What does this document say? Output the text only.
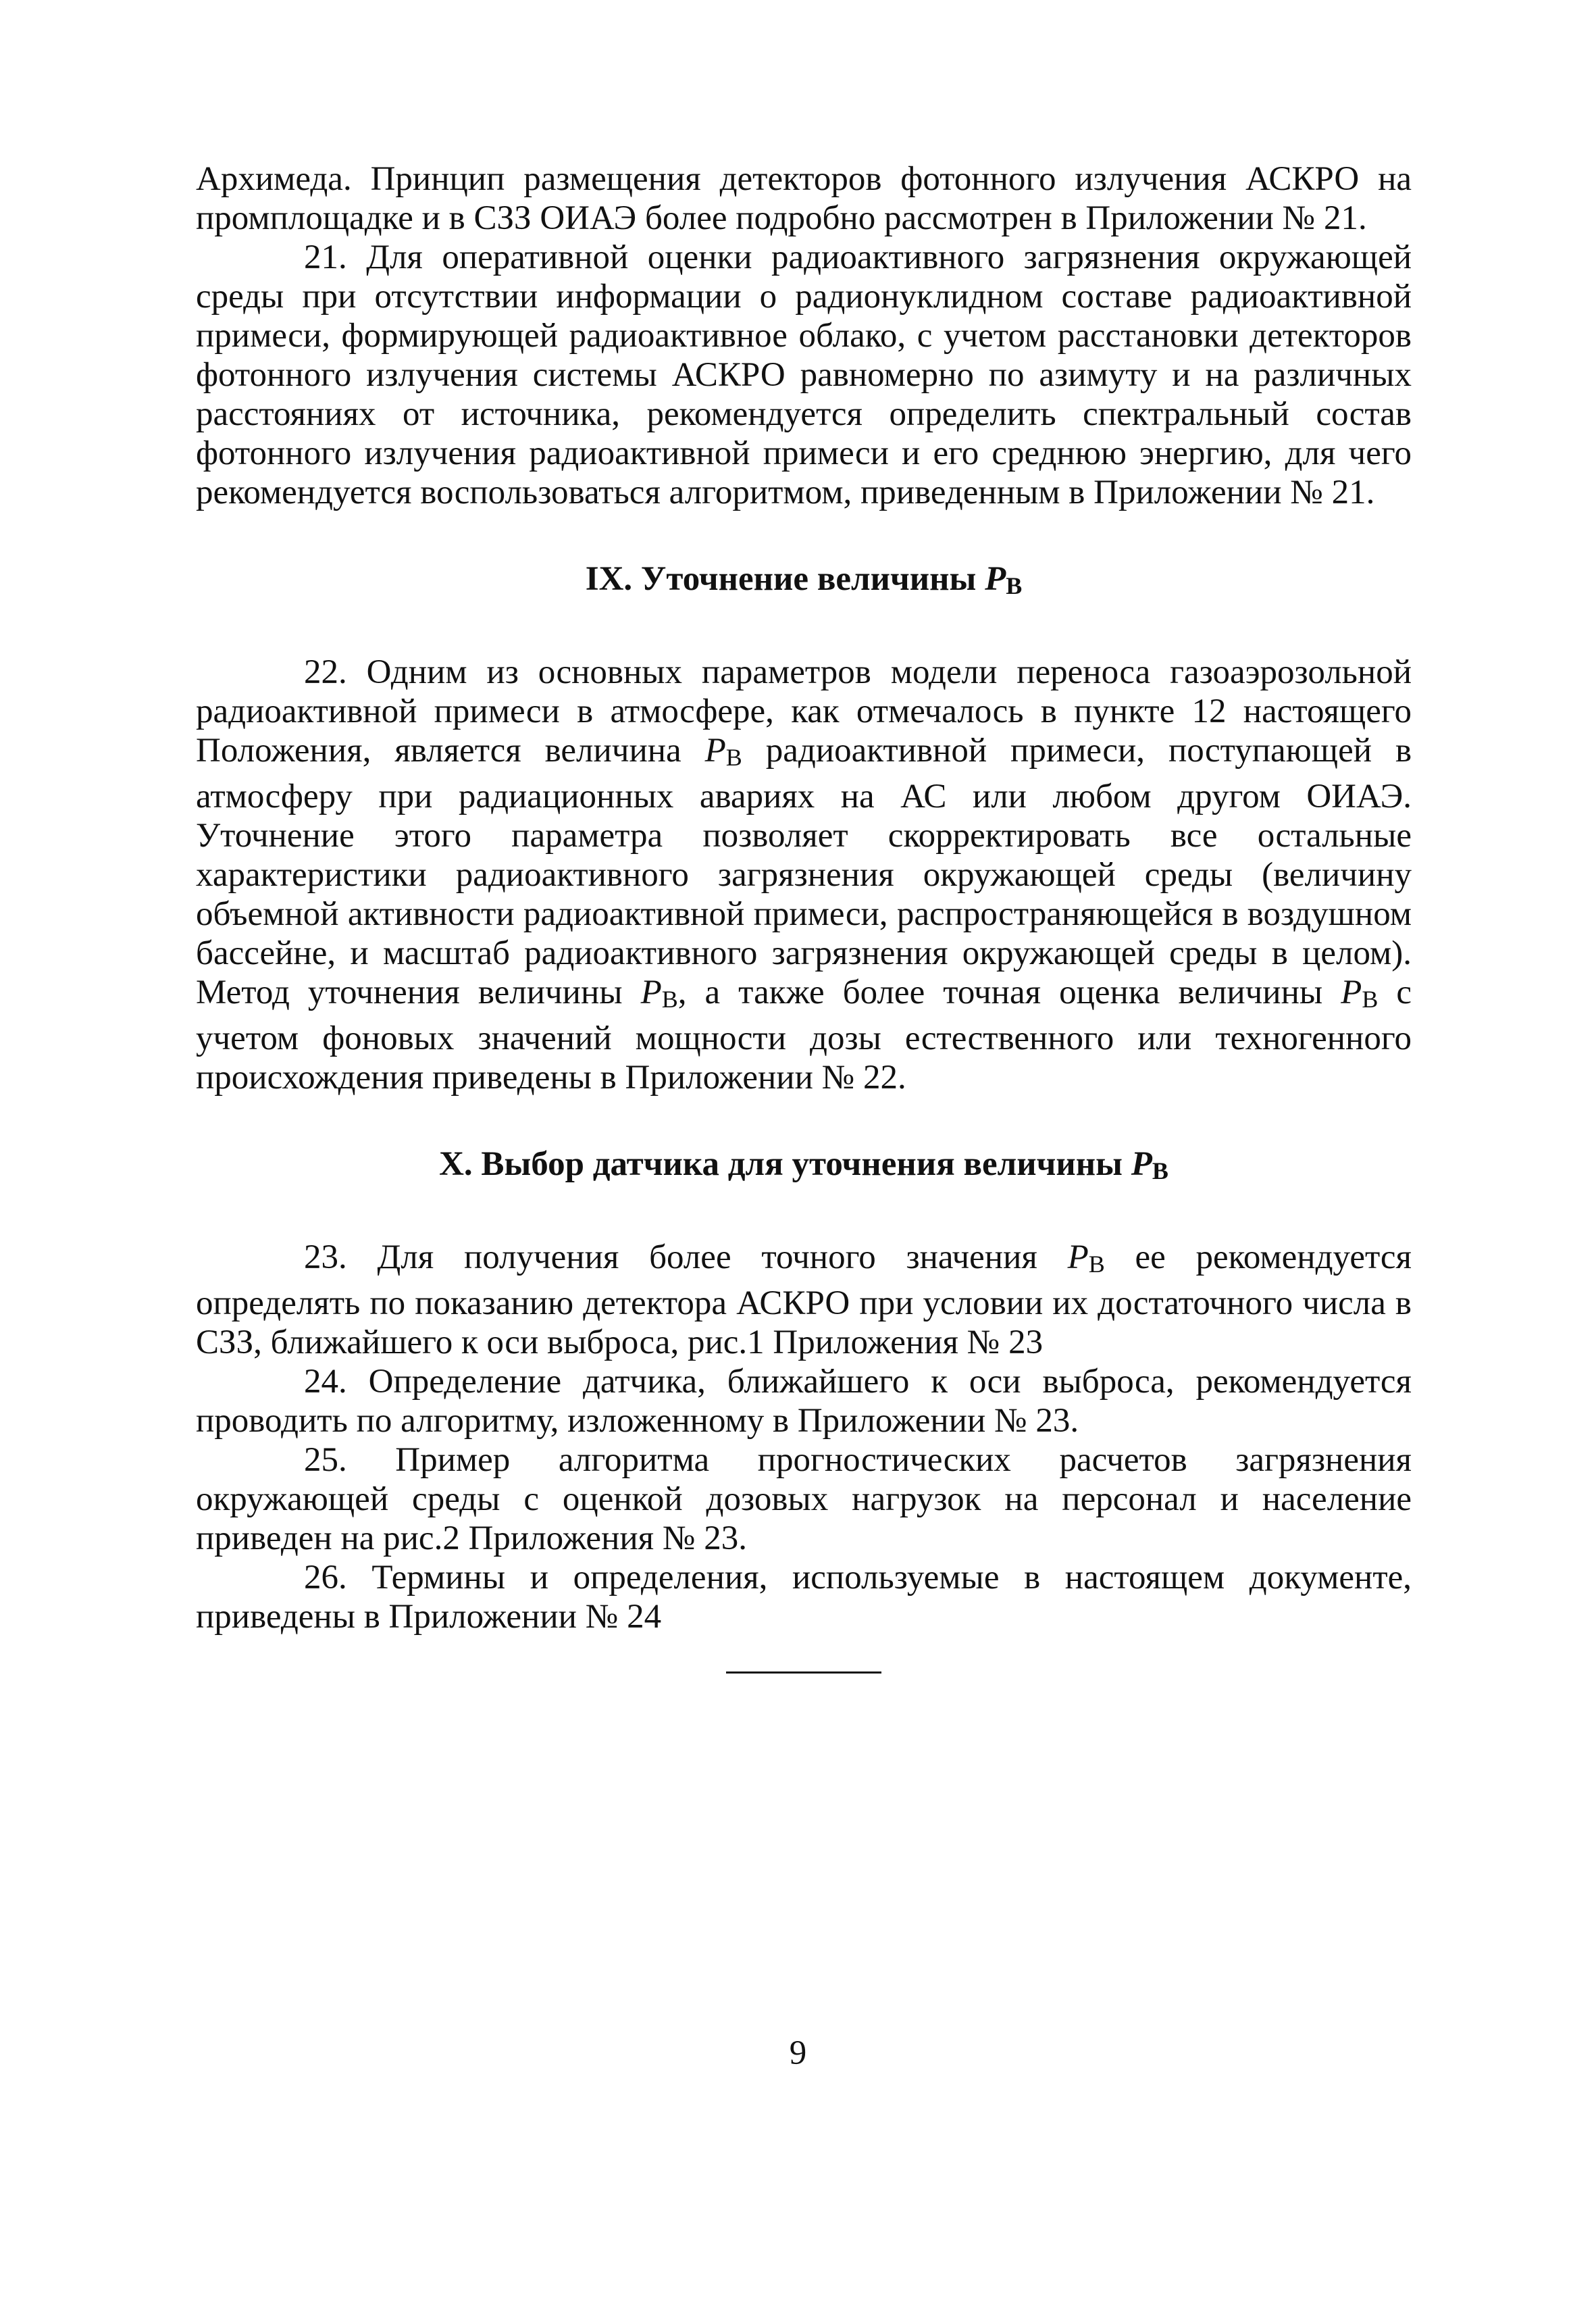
Архимеда. Принцип размещения детекторов фотонного излучения АСКРО на промплощадке и в СЗЗ ОИАЭ более подробно рассмотрен в Приложении № 21.

21. Для оперативной оценки радиоактивного загрязнения окружающей среды при отсутствии информации о радионуклидном составе радиоактивной примеси, формирующей радиоактивное облако, с учетом расстановки детекторов фотонного излучения системы АСКРО равномерно по азимуту и на различных расстояниях от источника, рекомендуется определить спектральный состав фотонного излучения радиоактивной примеси и его среднюю энергию, для чего рекомендуется воспользоваться алгоритмом, приведенным в Приложении № 21.

IX. Уточнение величины $P_В$

22. Одним из основных параметров модели переноса газоаэрозольной радиоактивной примеси в атмосфере, как отмечалось в пункте 12 настоящего Положения, является величина $P_В$ радиоактивной примеси, поступающей в атмосферу при радиационных авариях на АС или любом другом ОИАЭ. Уточнение этого параметра позволяет скорректировать все остальные характеристики радиоактивного загрязнения окружающей среды (величину объемной активности радиоактивной примеси, распространяющейся в воздушном бассейне, и масштаб радиоактивного загрязнения окружающей среды в целом). Метод уточнения величины $P_В$, а также более точная оценка величины $P_В$ с учетом фоновых значений мощности дозы естественного или техногенного происхождения приведены в Приложении № 22.

X. Выбор датчика для уточнения величины $P_В$

23. Для получения более точного значения $P_В$ ее рекомендуется определять по показанию детектора АСКРО при условии их достаточного числа в СЗЗ, ближайшего к оси выброса, рис.1 Приложения № 23

24. Определение датчика, ближайшего к оси выброса, рекомендуется проводить по алгоритму, изложенному в Приложении № 23.

25. Пример алгоритма прогностических расчетов загрязнения окружающей среды с оценкой дозовых нагрузок на персонал и население приведен на рис.2 Приложения № 23.

26. Термины и определения, используемые в настоящем документе, приведены в Приложении № 24

9
